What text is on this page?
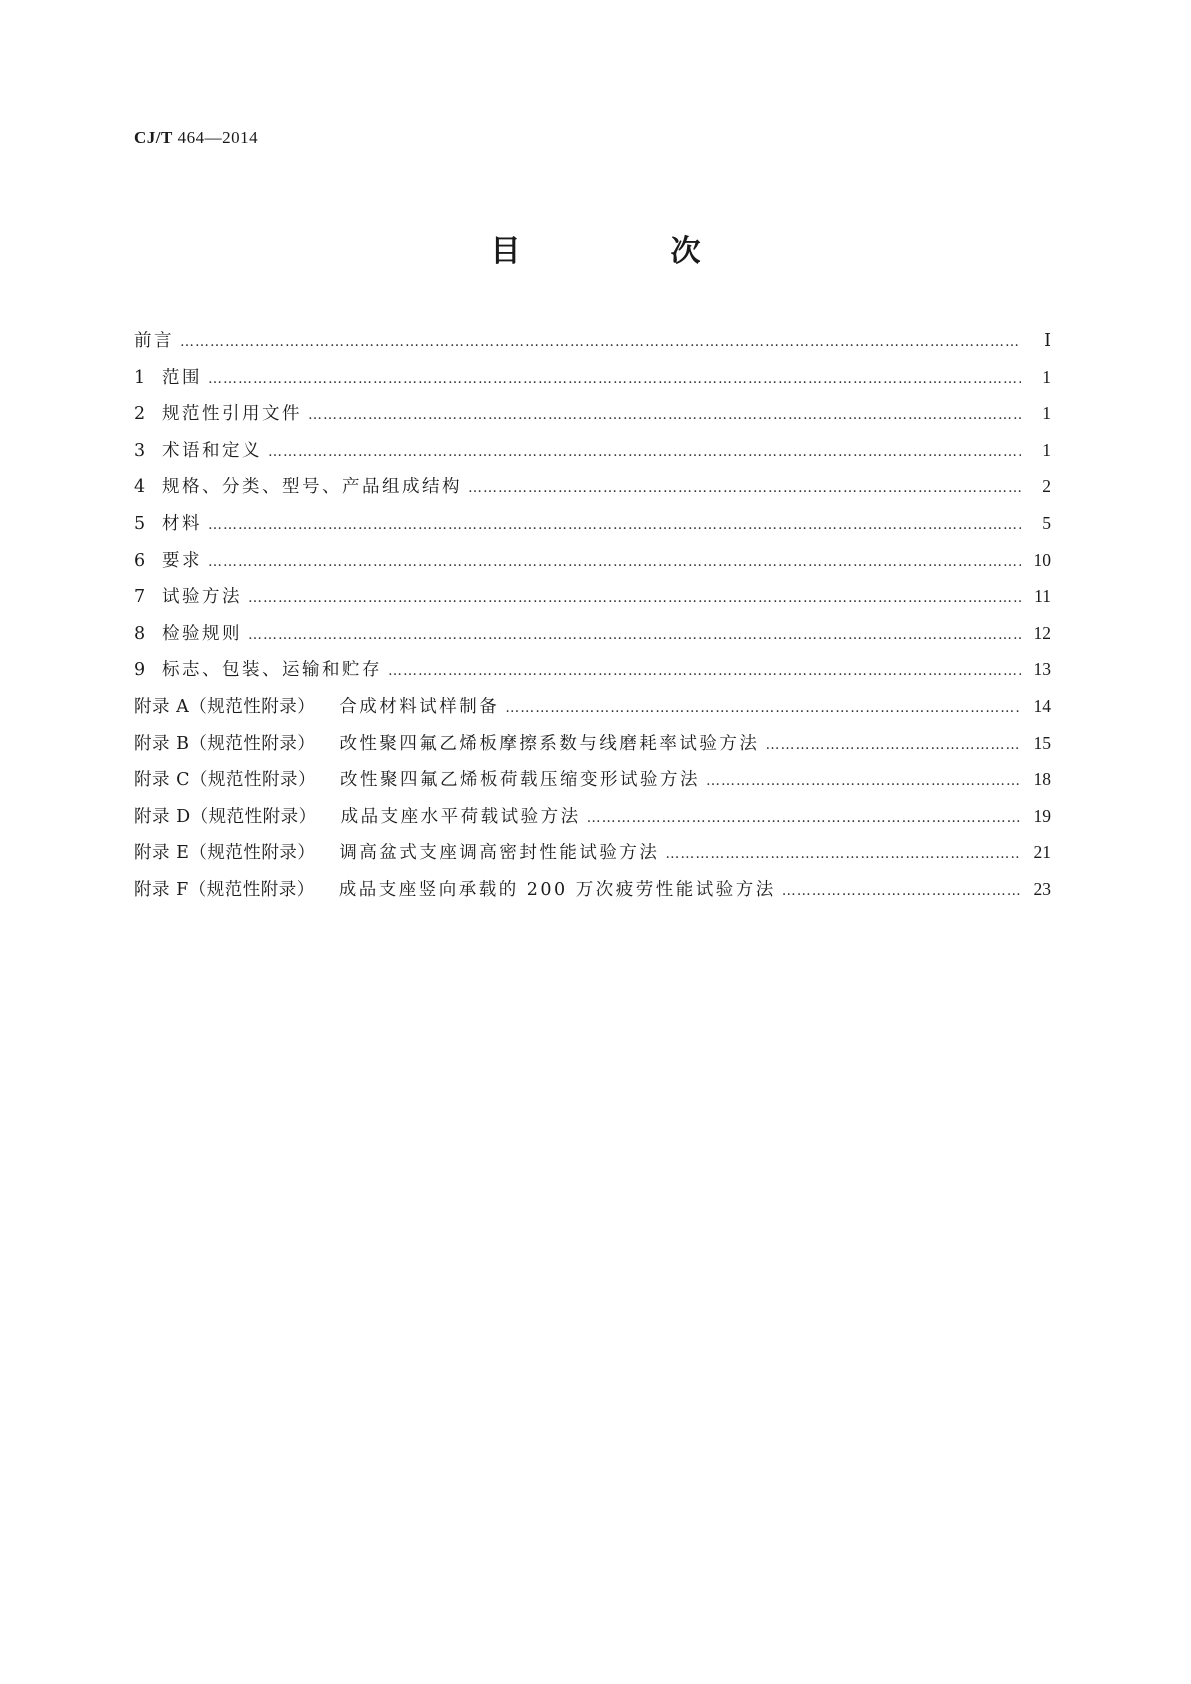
CJ/T 464—2014
目　次
前言 ……………………………………………………………………………………………………………………………………………………………………………………………………………………………………………………	Ⅰ
1 范围 ……………………………………………………………………………………………………………………………………………………………………………………………………………………………………………………	1
2 规范性引用文件 ……………………………………………………………………………………………………………………………………………………………………………………………………………………………………………………	1
3 术语和定义 ……………………………………………………………………………………………………………………………………………………………………………………………………………………………………………………	1
4 规格、分类、型号、产品组成结构 ……………………………………………………………………………………………………………………………………………………………………………………………………………………………………………………	2
5 材料 ……………………………………………………………………………………………………………………………………………………………………………………………………………………………………………………	5
6 要求 ……………………………………………………………………………………………………………………………………………………………………………………………………………………………………………………	10
7 试验方法 ……………………………………………………………………………………………………………………………………………………………………………………………………………………………………………………	11
8 检验规则 ……………………………………………………………………………………………………………………………………………………………………………………………………………………………………………………	12
9 标志、包装、运输和贮存 ……………………………………………………………………………………………………………………………………………………………………………………………………………………………………………………	13
附录 A（规范性附录） 合成材料试样制备 ……………………………………………………………………………………………………………………………………………………………………………………………………………………………………………………	14
附录 B（规范性附录） 改性聚四氟乙烯板摩擦系数与线磨耗率试验方法 ……………………………………………………………………………………………………………………………………………………………………………………………………………………………………………………	15
附录 C（规范性附录） 改性聚四氟乙烯板荷载压缩变形试验方法 ……………………………………………………………………………………………………………………………………………………………………………………………………………………………………………………	18
附录 D（规范性附录） 成品支座水平荷载试验方法 ……………………………………………………………………………………………………………………………………………………………………………………………………………………………………………………	19
附录 E（规范性附录） 调高盆式支座调高密封性能试验方法 ……………………………………………………………………………………………………………………………………………………………………………………………………………………………………………………	21
附录 F（规范性附录） 成品支座竖向承载的 200 万次疲劳性能试验方法 ……………………………………………………………………………………………………………………………………………………………………………………………………………………………………………………	23
